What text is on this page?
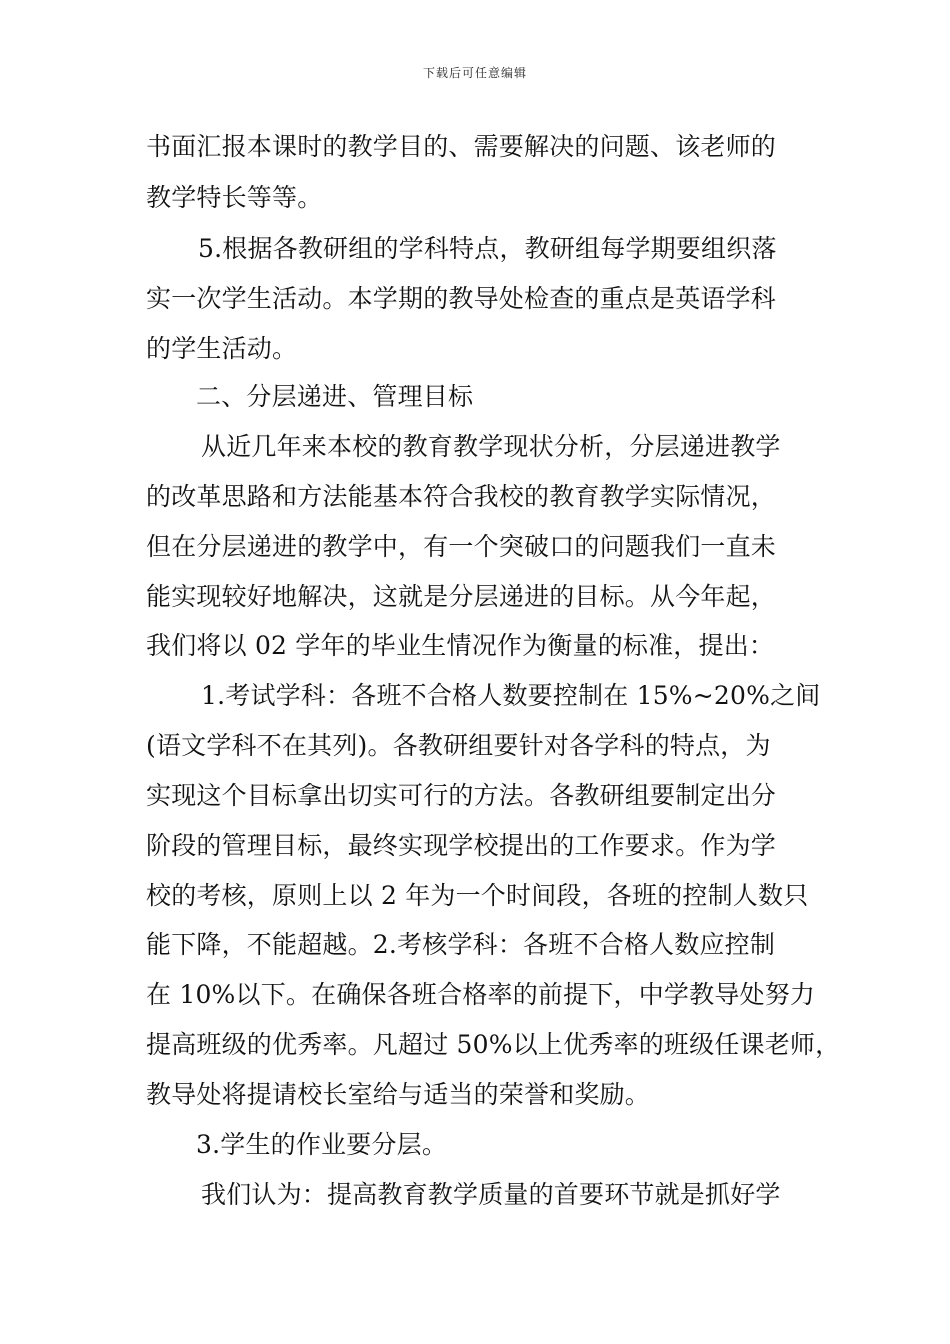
下载后可任意编辑
书面汇报本课时的教学目的、需要解决的问题、该老师的
教学特长等等。
5.根据各教研组的学科特点，教研组每学期要组织落
实一次学生活动。本学期的教导处检查的重点是英语学科
的学生活动。
二、分层递进、管理目标
从近几年来本校的教育教学现状分析，分层递进教学
的改革思路和方法能基本符合我校的教育教学实际情况，
但在分层递进的教学中，有一个突破口的问题我们一直未
能实现较好地解决，这就是分层递进的目标。从今年起，
我们将以 02 学年的毕业生情况作为衡量的标准，提出：
1.考试学科：各班不合格人数要控制在 15%~20%之间
(语文学科不在其列)。各教研组要针对各学科的特点，为
实现这个目标拿出切实可行的方法。各教研组要制定出分
阶段的管理目标，最终实现学校提出的工作要求。作为学
校的考核，原则上以 2 年为一个时间段，各班的控制人数只
能下降，不能超越。2.考核学科：各班不合格人数应控制
在 10%以下。在确保各班合格率的前提下，中学教导处努力
提高班级的优秀率。凡超过 50%以上优秀率的班级任课老师，
教导处将提请校长室给与适当的荣誉和奖励。
3.学生的作业要分层。
我们认为：提高教育教学质量的首要环节就是抓好学
